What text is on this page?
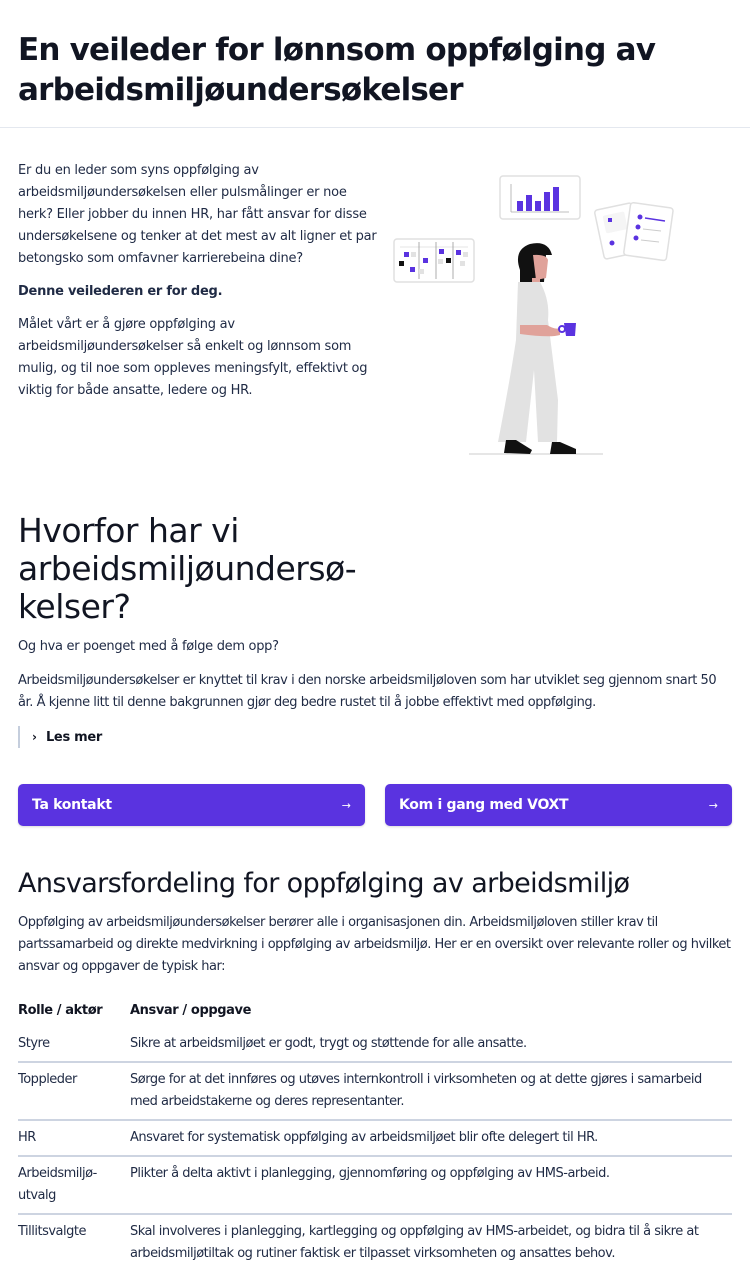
En veileder for lønnsom oppfølging av arbeidsmiljøundersøkelser

Er du en leder som syns oppfølging av arbeidsmiljøundersøkelsen eller pulsmålinger er noe herk? Eller jobber du innen HR, har fått ansvar for disse undersøkelsene og tenker at det mest av alt ligner et par betongsko som omfavner karrierebeina dine?

Denne veilederen er for deg.

Målet vårt er å gjøre oppfølging av arbeidsmiljøundersøkelser så enkelt og lønnsom som mulig, og til noe som oppleves meningsfylt, effektivt og viktig for både ansatte, ledere og HR.

Hvorfor har vi arbeidsmiljøundersøkelser?

Og hva er poenget med å følge dem opp?

Arbeidsmiljøundersøkelser er knyttet til krav i den norske arbeidsmiljøloven som har utviklet seg gjennom snart 50 år. Å kjenne litt til denne bakgrunnen gjør deg bedre rustet til å jobbe effektivt med oppfølging.

› Les mer
Ta kontakt	→	Kom i gang med VOXT	→
Ansvarsfordeling for oppfølging av arbeidsmiljø

Oppfølging av arbeidsmiljøundersøkelser berører alle i organisasjonen din. Arbeidsmiljøloven stiller krav til partssamarbeid og direkte medvirkning i oppfølging av arbeidsmiljø. Her er en oversikt over relevante roller og hvilket ansvar og oppgaver de typisk har:

Rolle / aktør	Ansvar / oppgave
Styre	Sikre at arbeidsmiljøet er godt, trygt og støttende for alle ansatte.
Toppleder	Sørge for at det innføres og utøves internkontroll i virksomheten og at dette gjøres i samarbeid med arbeidstakerne og deres representanter.
HR	Ansvaret for systematisk oppfølging av arbeidsmiljøet blir ofte delegert til HR.
Arbeidsmiljøutvalg	Plikter å delta aktivt i planlegging, gjennomføring og oppfølging av HMS-arbeid.
Tillitsvalgte	Skal involveres i planlegging, kartlegging og oppfølging av HMS-arbeidet, og bidra til å sikre at arbeidsmiljøtiltak og rutiner faktisk er tilpasset virksomheten og ansattes behov.
